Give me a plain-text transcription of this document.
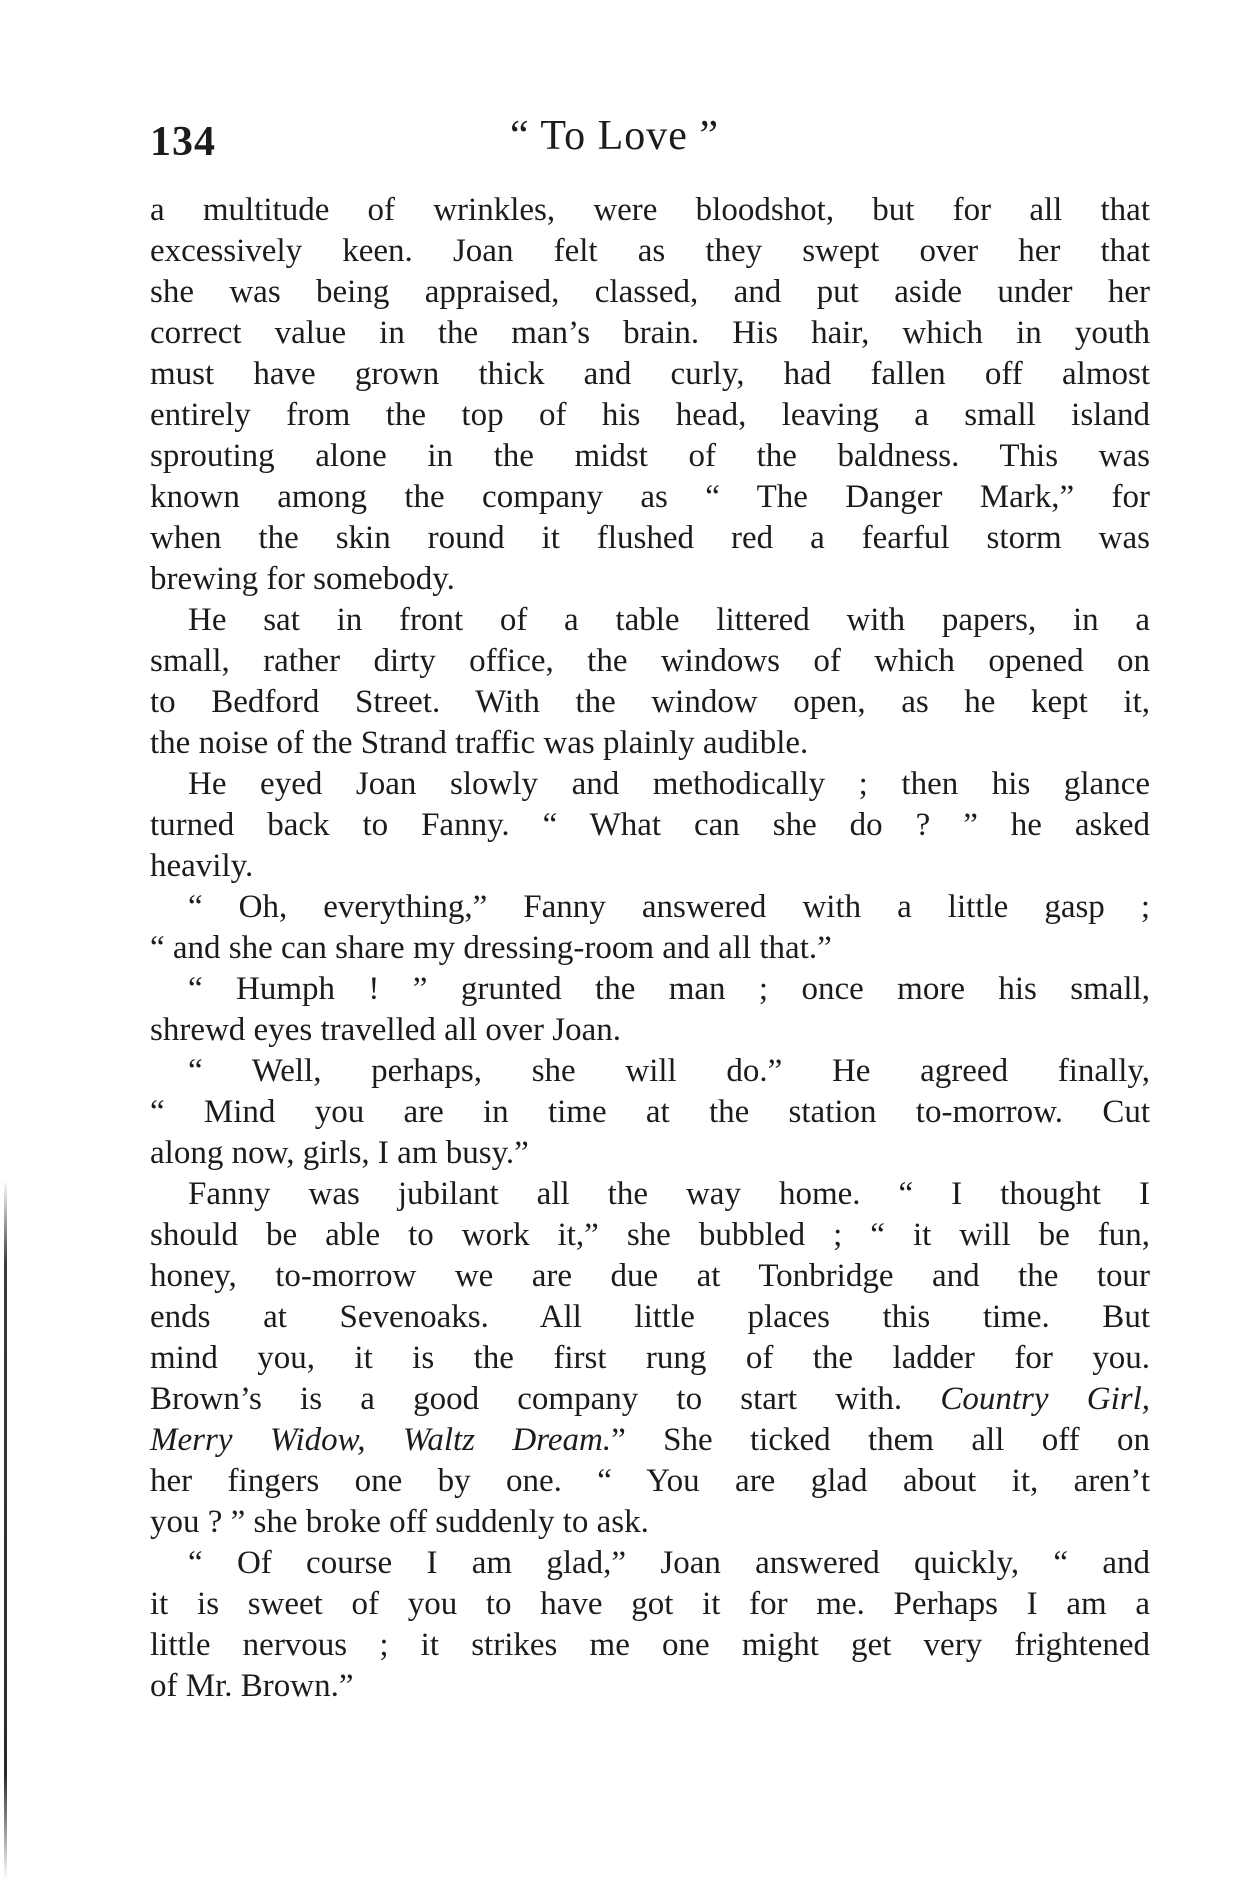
134	“ To Love ”
a multitude of wrinkles, were bloodshot, but for all that
excessively keen. Joan felt as they swept over her that
she was being appraised, classed, and put aside under her
correct value in the man’s brain. His hair, which in youth
must have grown thick and curly, had fallen off almost
entirely from the top of his head, leaving a small island
sprouting alone in the midst of the baldness. This was
known among the company as “ The Danger Mark,” for
when the skin round it flushed red a fearful storm was
brewing for somebody.
He sat in front of a table littered with papers, in a
small, rather dirty office, the windows of which opened on
to Bedford Street. With the window open, as he kept it,
the noise of the Strand traffic was plainly audible.
He eyed Joan slowly and methodically ; then his glance
turned back to Fanny. “ What can she do ? ” he asked
heavily.
“ Oh, everything,” Fanny answered with a little gasp ;
“ and she can share my dressing-room and all that.”
“ Humph ! ” grunted the man ; once more his small,
shrewd eyes travelled all over Joan.
“ Well, perhaps, she will do.” He agreed finally,
“ Mind you are in time at the station to-morrow. Cut
along now, girls, I am busy.”
Fanny was jubilant all the way home. “ I thought I
should be able to work it,” she bubbled ; “ it will be fun,
honey, to-morrow we are due at Tonbridge and the tour
ends at Sevenoaks. All little places this time. But
mind you, it is the first rung of the ladder for you.
Brown’s is a good company to start with. Country Girl,
Merry Widow, Waltz Dream.” She ticked them all off on
her fingers one by one. “ You are glad about it, aren’t
you ? ” she broke off suddenly to ask.
“ Of course I am glad,” Joan answered quickly, “ and
it is sweet of you to have got it for me. Perhaps I am a
little nervous ; it strikes me one might get very frightened
of Mr. Brown.”
